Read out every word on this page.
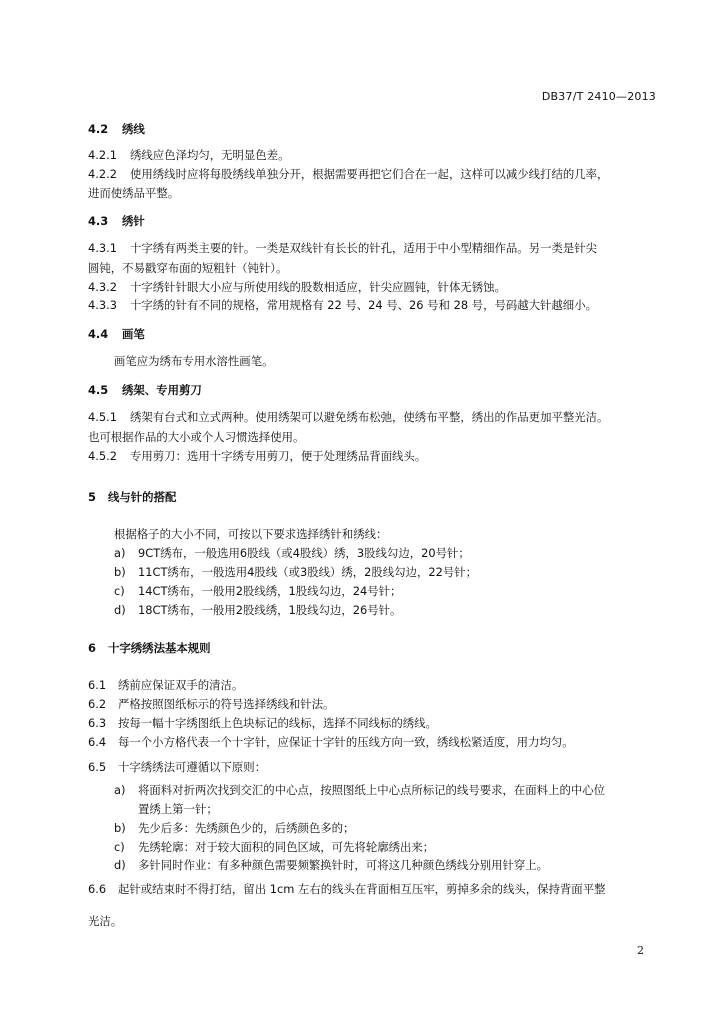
DB37/T 2410—2013
4.2 绣线
4.2.1 绣线应色泽均匀，无明显色差。
4.2.2 使用绣线时应将每股绣线单独分开，根据需要再把它们合在一起，这样可以减少线打结的几率，
进而使绣品平整。
4.3 绣针
4.3.1 十字绣有两类主要的针。一类是双线针有长长的针孔，适用于中小型精细作品。另一类是针尖
圆钝，不易戳穿布面的短粗针（钝针）。
4.3.2 十字绣针针眼大小应与所使用线的股数相适应，针尖应圆钝，针体无锈蚀。
4.3.3 十字绣的针有不同的规格，常用规格有 22 号、24 号、26 号和 28 号，号码越大针越细小。
4.4 画笔
画笔应为绣布专用水溶性画笔。
4.5 绣架、专用剪刀
4.5.1 绣架有台式和立式两种。使用绣架可以避免绣布松弛，使绣布平整，绣出的作品更加平整光洁。
也可根据作品的大小或个人习惯选择使用。
4.5.2 专用剪刀：选用十字绣专用剪刀，便于处理绣品背面线头。
5 线与针的搭配
根据格子的大小不同，可按以下要求选择绣针和绣线：
a) 9CT绣布，一般选用6股线（或4股线）绣，3股线勾边，20号针；
b) 11CT绣布，一般选用4股线（或3股线）绣，2股线勾边，22号针；
c) 14CT绣布，一般用2股线绣，1股线勾边，24号针；
d) 18CT绣布，一般用2股线绣，1股线勾边，26号针。
6 十字绣绣法基本规则
6.1 绣前应保证双手的清洁。
6.2 严格按照图纸标示的符号选择绣线和针法。
6.3 按每一幅十字绣图纸上色块标记的线标，选择不同线标的绣线。
6.4 每一个小方格代表一个十字针，应保证十字针的压线方向一致，绣线松紧适度，用力均匀。
6.5 十字绣绣法可遵循以下原则：
a) 将面料对折两次找到交汇的中心点，按照图纸上中心点所标记的线号要求，在面料上的中心位
置绣上第一针；
b) 先少后多：先绣颜色少的，后绣颜色多的；
c) 先绣轮廓：对于较大面积的同色区域，可先将轮廓绣出来；
d) 多针同时作业：有多种颜色需要频繁换针时，可将这几种颜色绣线分别用针穿上。
6.6 起针或结束时不得打结，留出 1cm 左右的线头在背面相互压牢，剪掉多余的线头，保持背面平整
光洁。
2
